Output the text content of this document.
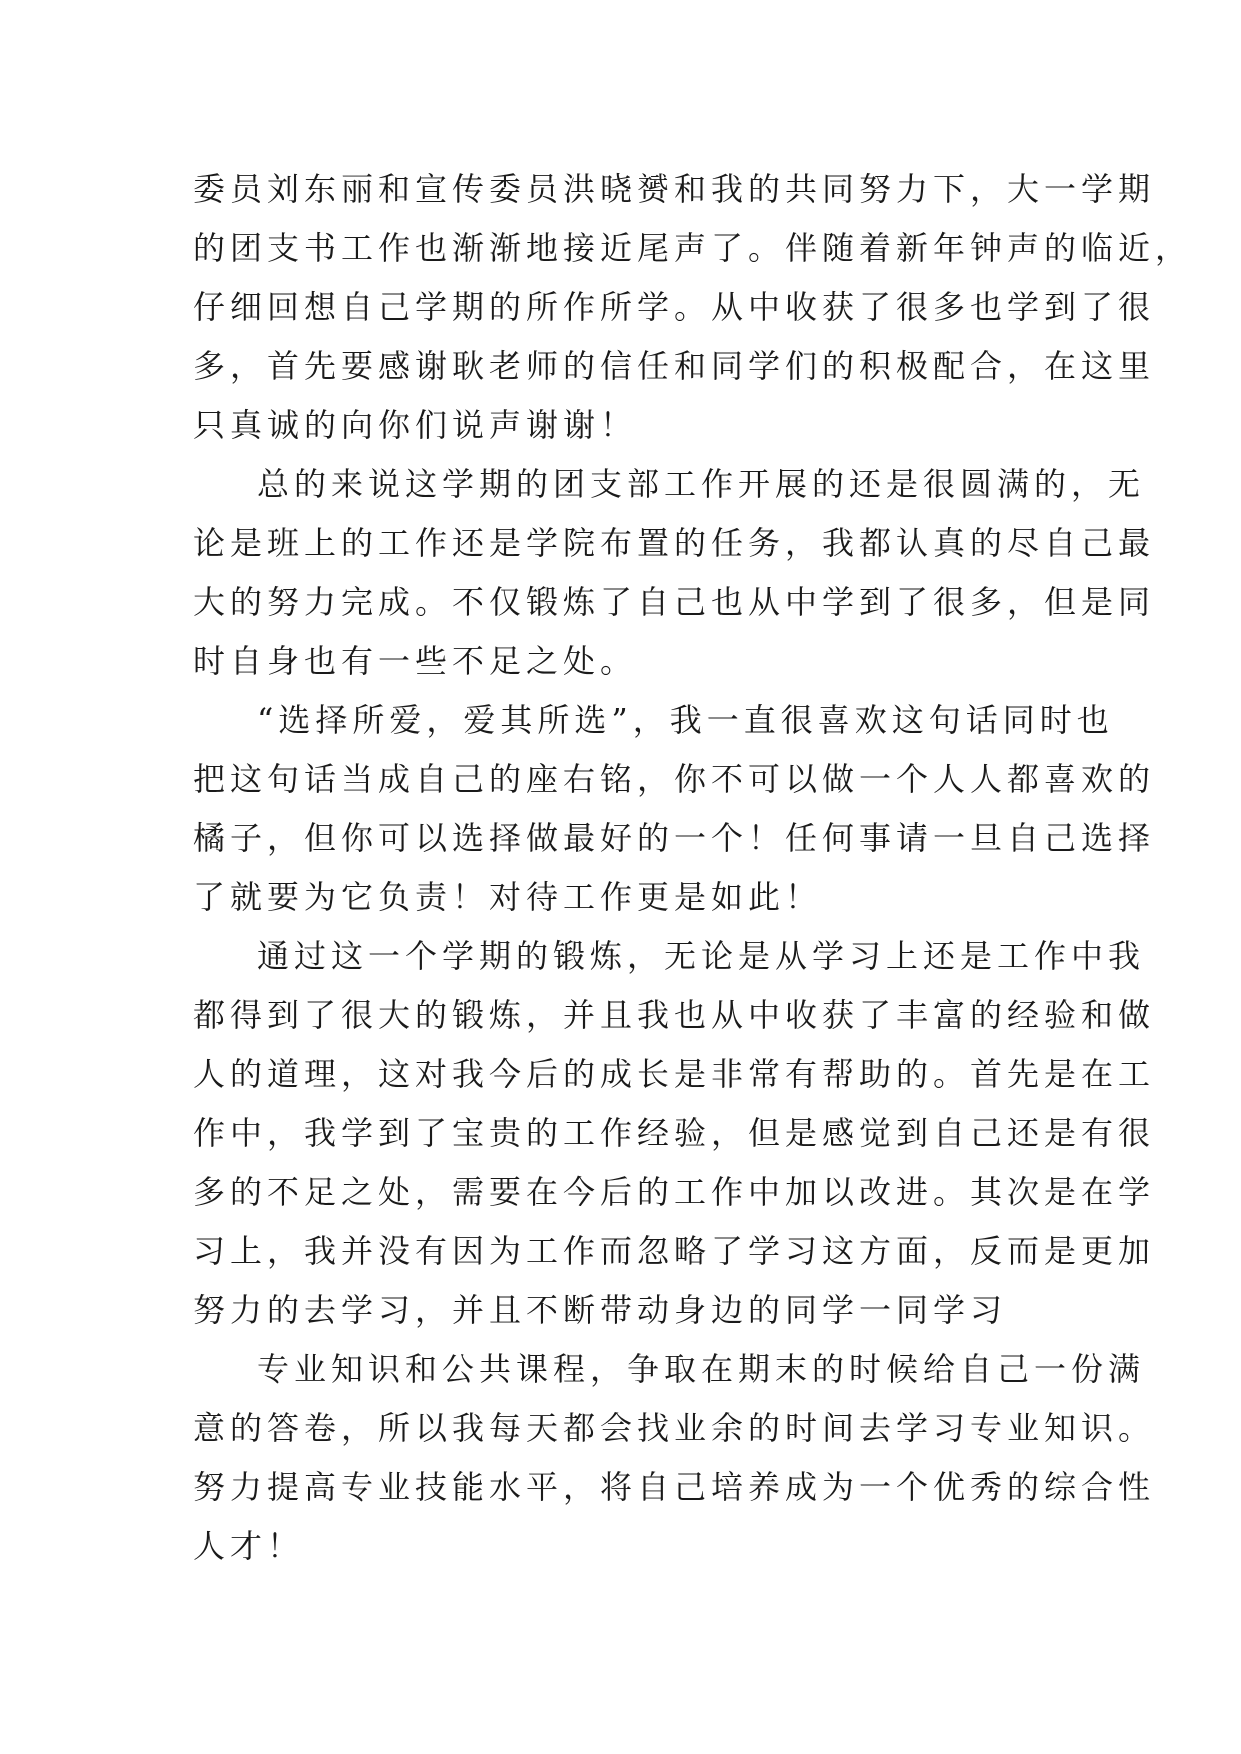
委员刘东丽和宣传委员洪晓赟和我的共同努力下，大一学期
的团支书工作也渐渐地接近尾声了。伴随着新年钟声的临近，
仔细回想自己学期的所作所学。从中收获了很多也学到了很
多，首先要感谢耿老师的信任和同学们的积极配合，在这里
只真诚的向你们说声谢谢！
总的来说这学期的团支部工作开展的还是很圆满的，无
论是班上的工作还是学院布置的任务，我都认真的尽自己最
大的努力完成。不仅锻炼了自己也从中学到了很多，但是同
时自身也有一些不足之处。
“选择所爱，爱其所选”，我一直很喜欢这句话同时也
把这句话当成自己的座右铭，你不可以做一个人人都喜欢的
橘子，但你可以选择做最好的一个！任何事请一旦自己选择
了就要为它负责！对待工作更是如此！
通过这一个学期的锻炼，无论是从学习上还是工作中我
都得到了很大的锻炼，并且我也从中收获了丰富的经验和做
人的道理，这对我今后的成长是非常有帮助的。首先是在工
作中，我学到了宝贵的工作经验，但是感觉到自己还是有很
多的不足之处，需要在今后的工作中加以改进。其次是在学
习上，我并没有因为工作而忽略了学习这方面，反而是更加
努力的去学习，并且不断带动身边的同学一同学习
专业知识和公共课程，争取在期末的时候给自己一份满
意的答卷，所以我每天都会找业余的时间去学习专业知识。
努力提高专业技能水平，将自己培养成为一个优秀的综合性
人才！
